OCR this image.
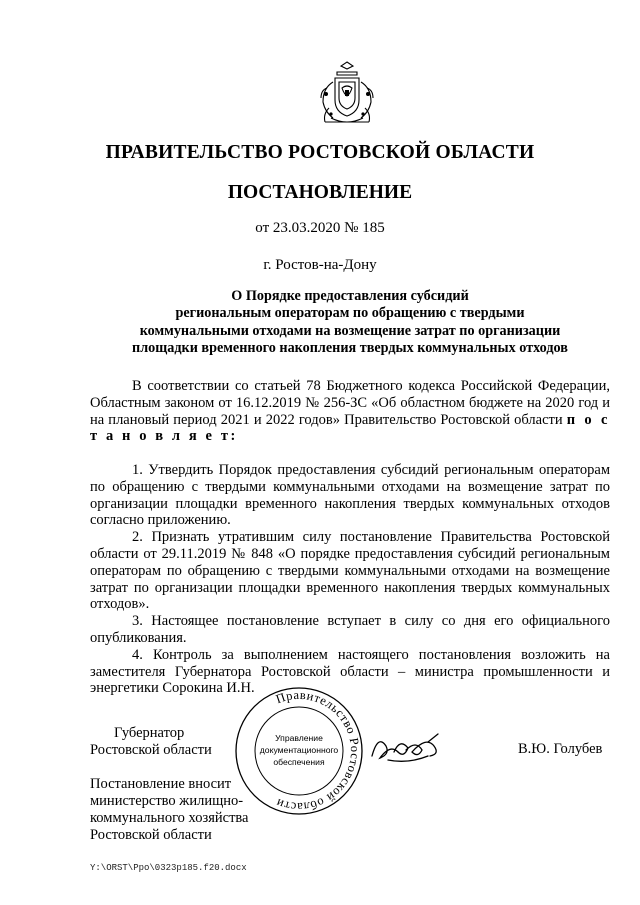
ПРАВИТЕЛЬСТВО РОСТОВСКОЙ ОБЛАСТИ
ПОСТАНОВЛЕНИЕ
от 23.03.2020 № 185
г. Ростов-на-Дону
О Порядке предоставления субсидий
региональным операторам по обращению с твердыми
коммунальными отходами на возмещение затрат по организации
площадки временного накопления твердых коммунальных отходов
В соответствии со статьей 78 Бюджетного кодекса Российской Федерации, Областным законом от 16.12.2019 № 256-ЗС «Об областном бюджете на 2020 год и на плановый период 2021 и 2022 годов» Правительство Ростовской области п о с т а н о в л я е т:
1. Утвердить Порядок предоставления субсидий региональным операторам по обращению с твердыми коммунальными отходами на возмещение затрат по организации площадки временного накопления твердых коммунальных отходов согласно приложению.
2. Признать утратившим силу постановление Правительства Ростовской области от 29.11.2019 № 848 «О порядке предоставления субсидий региональным операторам по обращению с твердыми коммунальными отходами на возмещение затрат по организации площадки временного накопления твердых коммунальных отходов».
3. Настоящее постановление вступает в силу со дня его официального опубликования.
4. Контроль за выполнением настоящего постановления возложить на заместителя Губернатора Ростовской области – министра промышленности и энергетики Сорокина И.Н.
Губернатор
Ростовской области
Правительство Ростовской области
Управление
документационного
обеспечения
В.Ю. Голубев
Постановление вносит
министерство жилищно-
коммунального хозяйства
Ростовской области
Y:\ORST\Ppo\0323p185.f20.docx
